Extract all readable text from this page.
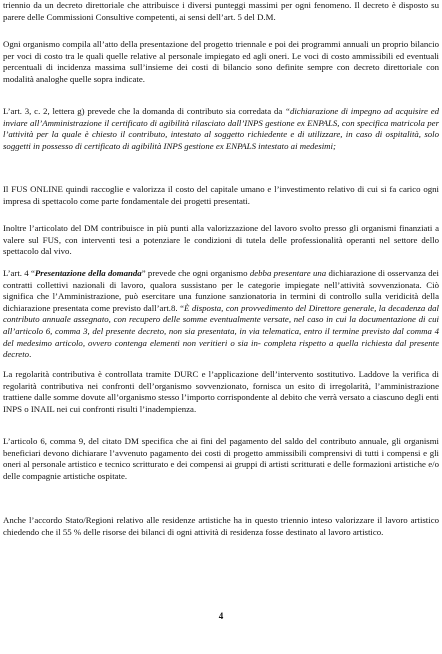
triennio da un decreto direttoriale che attribuisce i diversi punteggi massimi per ogni fenomeno. Il decreto è disposto su parere delle Commissioni Consultive competenti, ai sensi dell’art. 5 del D.M.

Ogni organismo compila all’atto della presentazione del progetto triennale e poi dei programmi annuali un proprio bilancio per voci di costo tra le quali quelle relative al personale impiegato ed agli oneri. Le voci di costo ammissibili ed eventuali percentuali di incidenza massima sull’insieme dei costi di bilancio sono definite sempre con decreto direttoriale con modalità analoghe quelle sopra indicate.

L’art. 3, c. 2, lettera g) prevede che la domanda di contributo sia corredata da “dichiarazione di impegno ad acquisire ed inviare all’Amministrazione il certificato di agibilità rilasciato dall’INPS gestione ex ENPALS, con specifica matricola per l’attività per la quale è chiesto il contributo, intestato al soggetto richiedente e di utilizzare, in caso di ospitalità, solo soggetti in possesso di certificato di agibilità INPS gestione ex ENPALS intestato ai medesimi;

Il FUS ONLINE quindi raccoglie e valorizza il costo del capitale umano e l’investimento relativo di cui si fa carico ogni impresa di spettacolo come parte fondamentale dei progetti presentati.

Inoltre l’articolato del DM contribuisce in più punti alla valorizzazione del lavoro svolto presso gli organismi finanziati a valere sul FUS, con interventi tesi a potenziare le condizioni di tutela delle professionalità operanti nel settore dello spettacolo dal vivo.

L’art. 4 “Presentazione della domanda” prevede che ogni organismo debba presentare una dichiarazione di osservanza dei contratti collettivi nazionali di lavoro, qualora sussistano per le categorie impiegate nell’attività sovvenzionata. Ciò significa che l’Amministrazione, può esercitare una funzione sanzionatoria in termini di controllo sulla veridicità della dichiarazione presentata come previsto dall’art.8. “È disposta, con provvedimento del Direttore generale, la decadenza dal contributo annuale assegnato, con recupero delle somme eventualmente versate, nel caso in cui la documentazione di cui all’articolo 6, comma 3, del presente decreto, non sia presentata, in via telematica, entro il termine previsto dal comma 4 del medesimo articolo, ovvero contenga elementi non veritieri o sia in- completa rispetto a quella richiesta dal presente decreto.

La regolarità contributiva è controllata tramite DURC e l’applicazione dell’intervento sostitutivo. Laddove la verifica di regolarità contributiva nei confronti dell’organismo sovvenzionato, fornisca un esito di irregolarità, l’amministrazione trattiene dalle somme dovute all’organismo stesso l’importo corrispondente al debito che verrà versato a ciascuno degli enti INPS o INAIL nei cui confronti risulti l’inadempienza.

L’articolo 6, comma 9, del citato DM specifica che ai fini del pagamento del saldo del contributo annuale, gli organismi beneficiari devono dichiarare l’avvenuto pagamento dei costi di progetto ammissibili comprensivi di tutti i compensi e gli oneri al personale artistico e tecnico scritturato e dei compensi ai gruppi di artisti scritturati e delle formazioni artistiche e/o delle compagnie artistiche ospitate.

Anche l’accordo Stato/Regioni relativo alle residenze artistiche ha in questo triennio inteso valorizzare il lavoro artistico chiedendo che il 55 % delle risorse dei bilanci di ogni attività di residenza fosse destinato al lavoro artistico.

4
